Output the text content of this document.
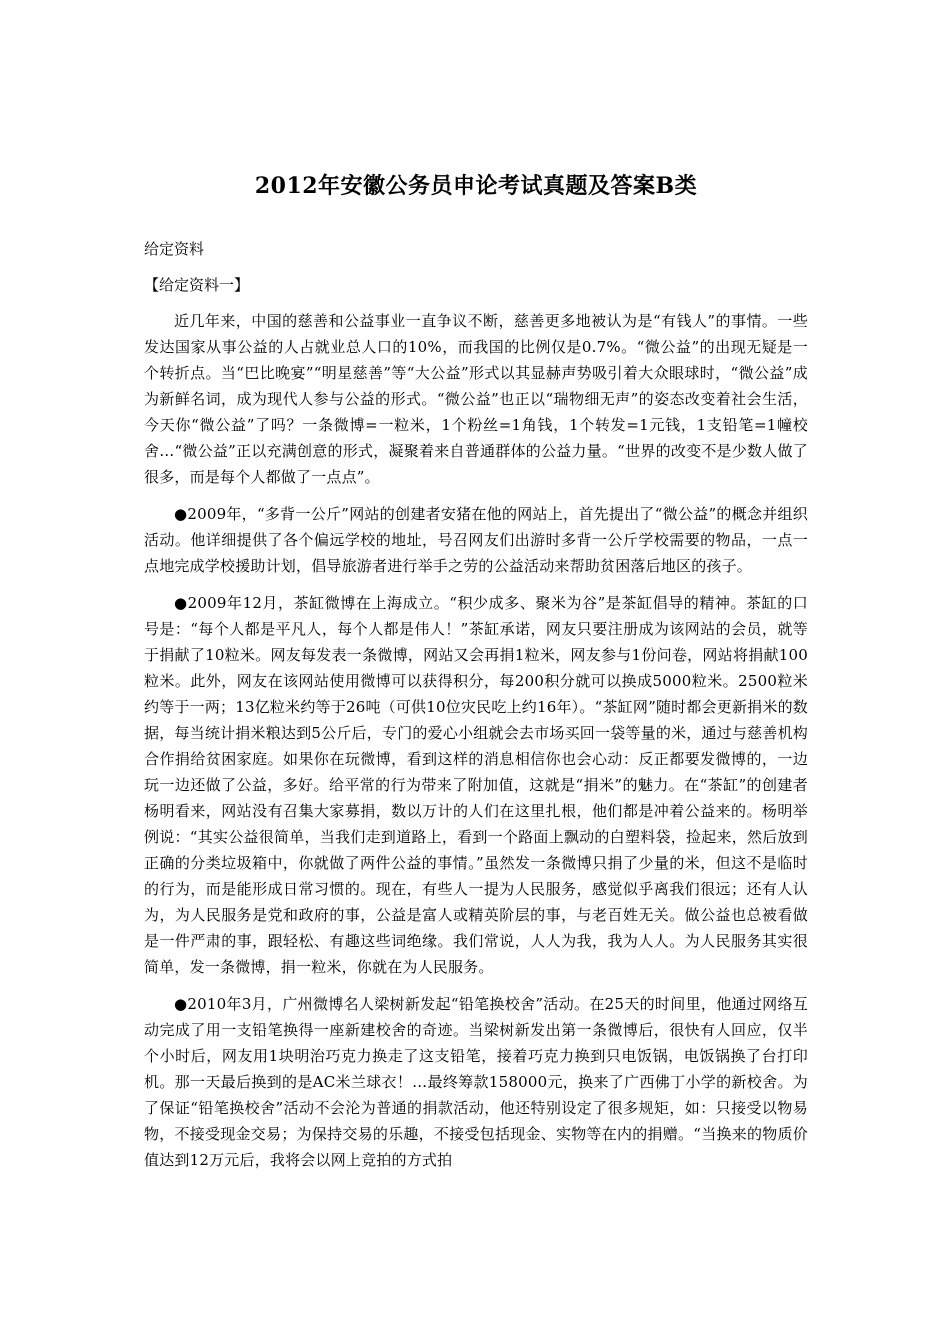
2012年安徽公务员申论考试真题及答案B类
给定资料
【给定资料一】

近几年来，中国的慈善和公益事业一直争议不断，慈善更多地被认为是“有钱人”的事情。一些发达国家从事公益的人占就业总人口的10%，而我国的比例仅是0.7%。“微公益”的出现无疑是一个转折点。当“巴比晚宴”“明星慈善”等“大公益”形式以其显赫声势吸引着大众眼球时，“微公益”成为新鲜名词，成为现代人参与公益的形式。“微公益”也正以“瑞物细无声”的姿态改变着社会生活，今天你“微公益”了吗？一条微博=一粒米，1个粉丝=1角钱，1个转发=1元钱，1支铅笔=1幢校舍…“微公益”正以充满创意的形式，凝聚着来自普通群体的公益力量。“世界的改变不是少数人做了很多，而是每个人都做了一点点”。

●2009年，“多背一公斤”网站的创建者安猪在他的网站上，首先提出了“微公益”的概念并组织活动。他详细提供了各个偏远学校的地址，号召网友们出游时多背一公斤学校需要的物品，一点一点地完成学校援助计划，倡导旅游者进行举手之劳的公益活动来帮助贫困落后地区的孩子。

●2009年12月，茶缸微博在上海成立。“积少成多、聚米为谷”是茶缸倡导的精神。茶缸的口号是：“每个人都是平凡人，每个人都是伟人！”茶缸承诺，网友只要注册成为该网站的会员，就等于捐献了10粒米。网友每发表一条微博，网站又会再捐1粒米，网友参与1份问卷，网站将捐献100粒米。此外，网友在该网站使用微博可以获得积分，每200积分就可以换成5000粒米。2500粒米约等于一两；13亿粒米约等于26吨（可供10位灾民吃上约16年）。“茶缸网”随时都会更新捐米的数据，每当统计捐米粮达到5公斤后，专门的爱心小组就会去市场买回一袋等量的米，通过与慈善机构合作捐给贫困家庭。如果你在玩微博，看到这样的消息相信你也会心动：反正都要发微博的，一边玩一边还做了公益，多好。给平常的行为带来了附加值，这就是“捐米”的魅力。在“茶缸”的创建者杨明看来，网站没有召集大家募捐，数以万计的人们在这里扎根，他们都是冲着公益来的。杨明举例说：“其实公益很简单，当我们走到道路上，看到一个路面上飘动的白塑料袋，捡起来，然后放到正确的分类垃圾箱中，你就做了两件公益的事情。”虽然发一条微博只捐了少量的米，但这不是临时的行为，而是能形成日常习惯的。现在，有些人一提为人民服务，感觉似乎离我们很远；还有人认为，为人民服务是党和政府的事，公益是富人或精英阶层的事，与老百姓无关。做公益也总被看做是一件严肃的事，跟轻松、有趣这些词绝缘。我们常说，人人为我，我为人人。为人民服务其实很简单，发一条微博，捐一粒米，你就在为人民服务。

●2010年3月，广州微博名人梁树新发起“铅笔换校舍”活动。在25天的时间里，他通过网络互动完成了用一支铅笔换得一座新建校舍的奇迹。当梁树新发出第一条微博后，很快有人回应，仅半个小时后，网友用1块明治巧克力换走了这支铅笔，接着巧克力换到只电饭锅，电饭锅换了台打印机。那一天最后换到的是AC米兰球衣！…最终筹款158000元，换来了广西佛丁小学的新校舍。为了保证“铅笔换校舍”活动不会沦为普通的捐款活动，他还特别设定了很多规矩，如：只接受以物易物，不接受现金交易；为保持交易的乐趣，不接受包括现金、实物等在内的捐赠。“当换来的物质价值达到12万元后，我将会以网上竞拍的方式拍
